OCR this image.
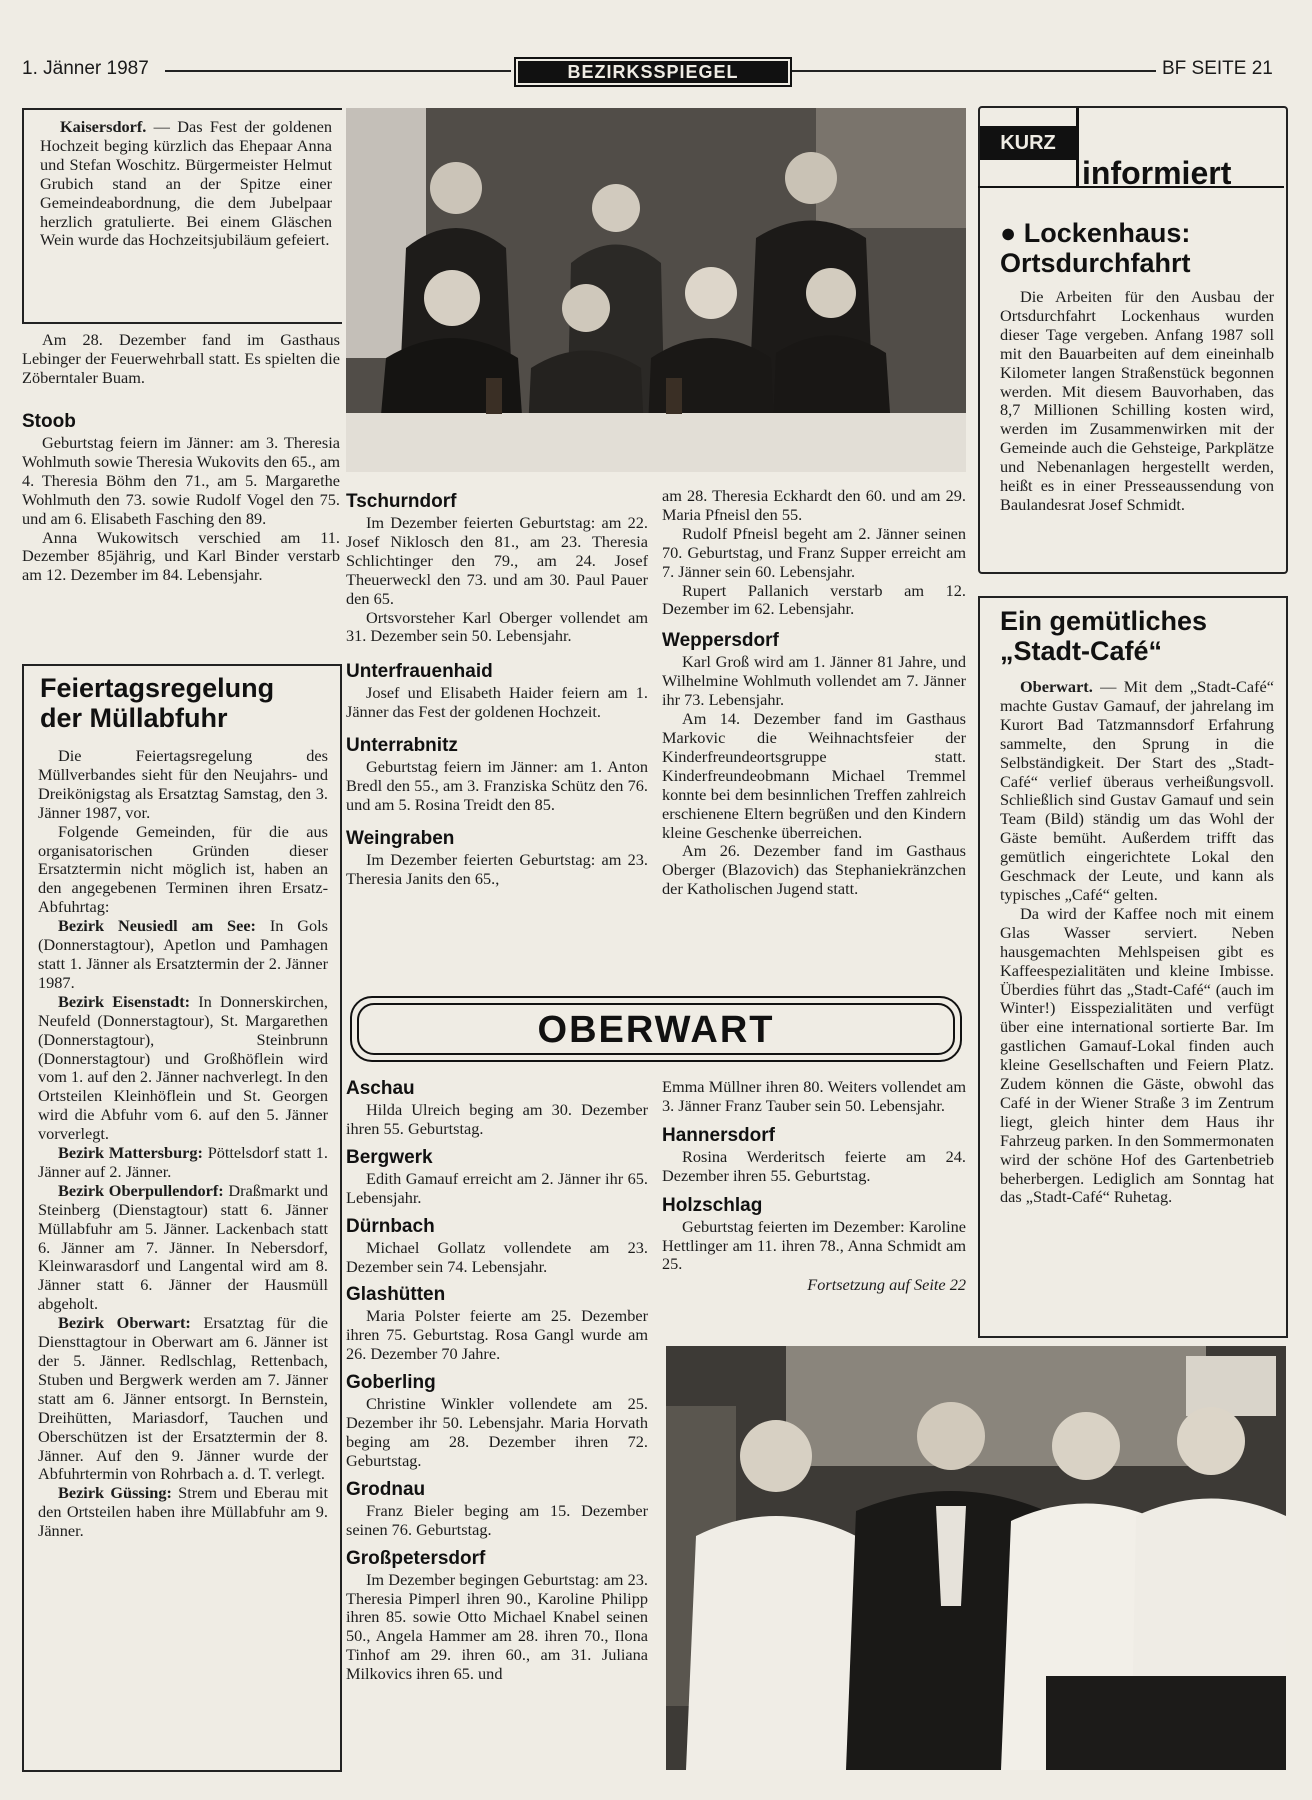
1. Jänner 1987	BEZIRKSSPIEGEL	BF SEITE 21

Kaisersdorf. — Das Fest der goldenen Hochzeit beging kürzlich das Ehepaar Anna und Stefan Woschitz. Bürgermeister Helmut Grubich stand an der Spitze einer Gemeindeabordnung, die dem Jubelpaar herzlich gratulierte. Bei einem Gläschen Wein wurde das Hochzeitsjubiläum gefeiert.

Am 28. Dezember fand im Gasthaus Lebinger der Feuerwehrball statt. Es spielten die Zöberntaler Buam.

Stoob

Geburtstag feiern im Jänner: am 3. Theresia Wohlmuth sowie Theresia Wukovits den 65., am 4. Theresia Böhm den 71., am 5. Margarethe Wohlmuth den 73. sowie Rudolf Vogel den 75. und am 6. Elisabeth Fasching den 89.

Anna Wukowitsch verschied am 11. Dezember 85jährig, und Karl Binder verstarb am 12. Dezember im 84. Lebensjahr.

Feiertagsregelung
der Müllabfuhr

Die Feiertagsregelung des Müllverbandes sieht für den Neujahrs- und Dreikönigstag als Ersatztag Samstag, den 3. Jänner 1987, vor.

Folgende Gemeinden, für die aus organisatorischen Gründen dieser Ersatztermin nicht möglich ist, haben an den angegebenen Terminen ihren Ersatz-Abfuhrtag:

Bezirk Neusiedl am See: In Gols (Donnerstagtour), Apetlon und Pamhagen statt 1. Jänner als Ersatztermin der 2. Jänner 1987.

Bezirk Eisenstadt: In Donnerskirchen, Neufeld (Donnerstagtour), St. Margarethen (Donnerstagtour), Steinbrunn (Donnerstagtour) und Großhöflein wird vom 1. auf den 2. Jänner nachverlegt. In den Ortsteilen Kleinhöflein und St. Georgen wird die Abfuhr vom 6. auf den 5. Jänner vorverlegt.

Bezirk Mattersburg: Pöttelsdorf statt 1. Jänner auf 2. Jänner.

Bezirk Oberpullendorf: Draßmarkt und Steinberg (Dienstagtour) statt 6. Jänner Müllabfuhr am 5. Jänner. Lackenbach statt 6. Jänner am 7. Jänner. In Nebersdorf, Kleinwarasdorf und Langental wird am 8. Jänner statt 6. Jänner der Hausmüll abgeholt.

Bezirk Oberwart: Ersatztag für die Diensttagtour in Oberwart am 6. Jänner ist der 5. Jänner. Redlschlag, Rettenbach, Stuben und Bergwerk werden am 7. Jänner statt am 6. Jänner entsorgt. In Bernstein, Dreihütten, Mariasdorf, Tauchen und Oberschützen ist der Ersatztermin der 8. Jänner. Auf den 9. Jänner wurde der Abfuhrtermin von Rohrbach a. d. T. verlegt.

Bezirk Güssing: Strem und Eberau mit den Ortsteilen haben ihre Müllabfuhr am 9. Jänner.

Tschurndorf

Im Dezember feierten Geburtstag: am 22. Josef Niklosch den 81., am 23. Theresia Schlichtinger den 79., am 24. Josef Theuerweckl den 73. und am 30. Paul Pauer den 65.

Ortsvorsteher Karl Oberger vollendet am 31. Dezember sein 50. Lebensjahr.

Unterfrauenhaid

Josef und Elisabeth Haider feiern am 1. Jänner das Fest der goldenen Hochzeit.

Unterrabnitz

Geburtstag feiern im Jänner: am 1. Anton Bredl den 55., am 3. Franziska Schütz den 76. und am 5. Rosina Treidt den 85.

Weingraben

Im Dezember feierten Geburtstag: am 23. Theresia Janits den 65.,

am 28. Theresia Eckhardt den 60. und am 29. Maria Pfneisl den 55.

Rudolf Pfneisl begeht am 2. Jänner seinen 70. Geburtstag, und Franz Supper erreicht am 7. Jänner sein 60. Lebensjahr.

Rupert Pallanich verstarb am 12. Dezember im 62. Lebensjahr.

Weppersdorf

Karl Groß wird am 1. Jänner 81 Jahre, und Wilhelmine Wohlmuth vollendet am 7. Jänner ihr 73. Lebensjahr.

Am 14. Dezember fand im Gasthaus Markovic die Weihnachtsfeier der Kinderfreundeortsgruppe statt. Kinderfreundeobmann Michael Tremmel konnte bei dem besinnlichen Treffen zahlreich erschienene Eltern begrüßen und den Kindern kleine Geschenke überreichen.

Am 26. Dezember fand im Gasthaus Oberger (Blazovich) das Stephaniekränzchen der Katholischen Jugend statt.

OBERWART
Aschau

Hilda Ulreich beging am 30. Dezember ihren 55. Geburtstag.

Bergwerk

Edith Gamauf erreicht am 2. Jänner ihr 65. Lebensjahr.

Dürnbach

Michael Gollatz vollendete am 23. Dezember sein 74. Lebensjahr.

Glashütten

Maria Polster feierte am 25. Dezember ihren 75. Geburtstag. Rosa Gangl wurde am 26. Dezember 70 Jahre.

Goberling

Christine Winkler vollendete am 25. Dezember ihr 50. Lebensjahr. Maria Horvath beging am 28. Dezember ihren 72. Geburtstag.

Grodnau

Franz Bieler beging am 15. Dezember seinen 76. Geburtstag.

Großpetersdorf

Im Dezember begingen Geburtstag: am 23. Theresia Pimperl ihren 90., Karoline Philipp ihren 85. sowie Otto Michael Knabel seinen 50., Angela Hammer am 28. ihren 70., Ilona Tinhof am 29. ihren 60., am 31. Juliana Milkovics ihren 65. und

Emma Müllner ihren 80. Weiters vollendet am 3. Jänner Franz Tauber sein 50. Lebensjahr.

Hannersdorf

Rosina Werderitsch feierte am 24. Dezember ihren 55. Geburtstag.

Holzschlag

Geburtstag feierten im Dezember: Karoline Hettlinger am 11. ihren 78., Anna Schmidt am 25.

Fortsetzung auf Seite 22
KURZ
informiert
● Lockenhaus:
Ortsdurchfahrt

Die Arbeiten für den Ausbau der Ortsdurchfahrt Lockenhaus wurden dieser Tage vergeben. Anfang 1987 soll mit den Bauarbeiten auf dem eineinhalb Kilometer langen Straßenstück begonnen werden. Mit diesem Bauvorhaben, das 8,7 Millionen Schilling kosten wird, werden im Zusammenwirken mit der Gemeinde auch die Gehsteige, Parkplätze und Nebenanlagen hergestellt werden, heißt es in einer Presseaussendung von Baulandesrat Josef Schmidt.

Ein gemütliches
„Stadt-Café“

Oberwart. — Mit dem „Stadt-Café“ machte Gustav Gamauf, der jahrelang im Kurort Bad Tatzmannsdorf Erfahrung sammelte, den Sprung in die Selbständigkeit. Der Start des „Stadt-Café“ verlief überaus verheißungsvoll. Schließlich sind Gustav Gamauf und sein Team (Bild) ständig um das Wohl der Gäste bemüht. Außerdem trifft das gemütlich eingerichtete Lokal den Geschmack der Leute, und kann als typisches „Café“ gelten.

Da wird der Kaffee noch mit einem Glas Wasser serviert. Neben hausgemachten Mehlspeisen gibt es Kaffeespezialitäten und kleine Imbisse. Überdies führt das „Stadt-Café“ (auch im Winter!) Eisspezialitäten und verfügt über eine international sortierte Bar. Im gastlichen Gamauf-Lokal finden auch kleine Gesellschaften und Feiern Platz. Zudem können die Gäste, obwohl das Café in der Wiener Straße 3 im Zentrum liegt, gleich hinter dem Haus ihr Fahrzeug parken. In den Sommermonaten wird der schöne Hof des Gartenbetrieb beherbergen. Lediglich am Sonntag hat das „Stadt-Café“ Ruhetag.
